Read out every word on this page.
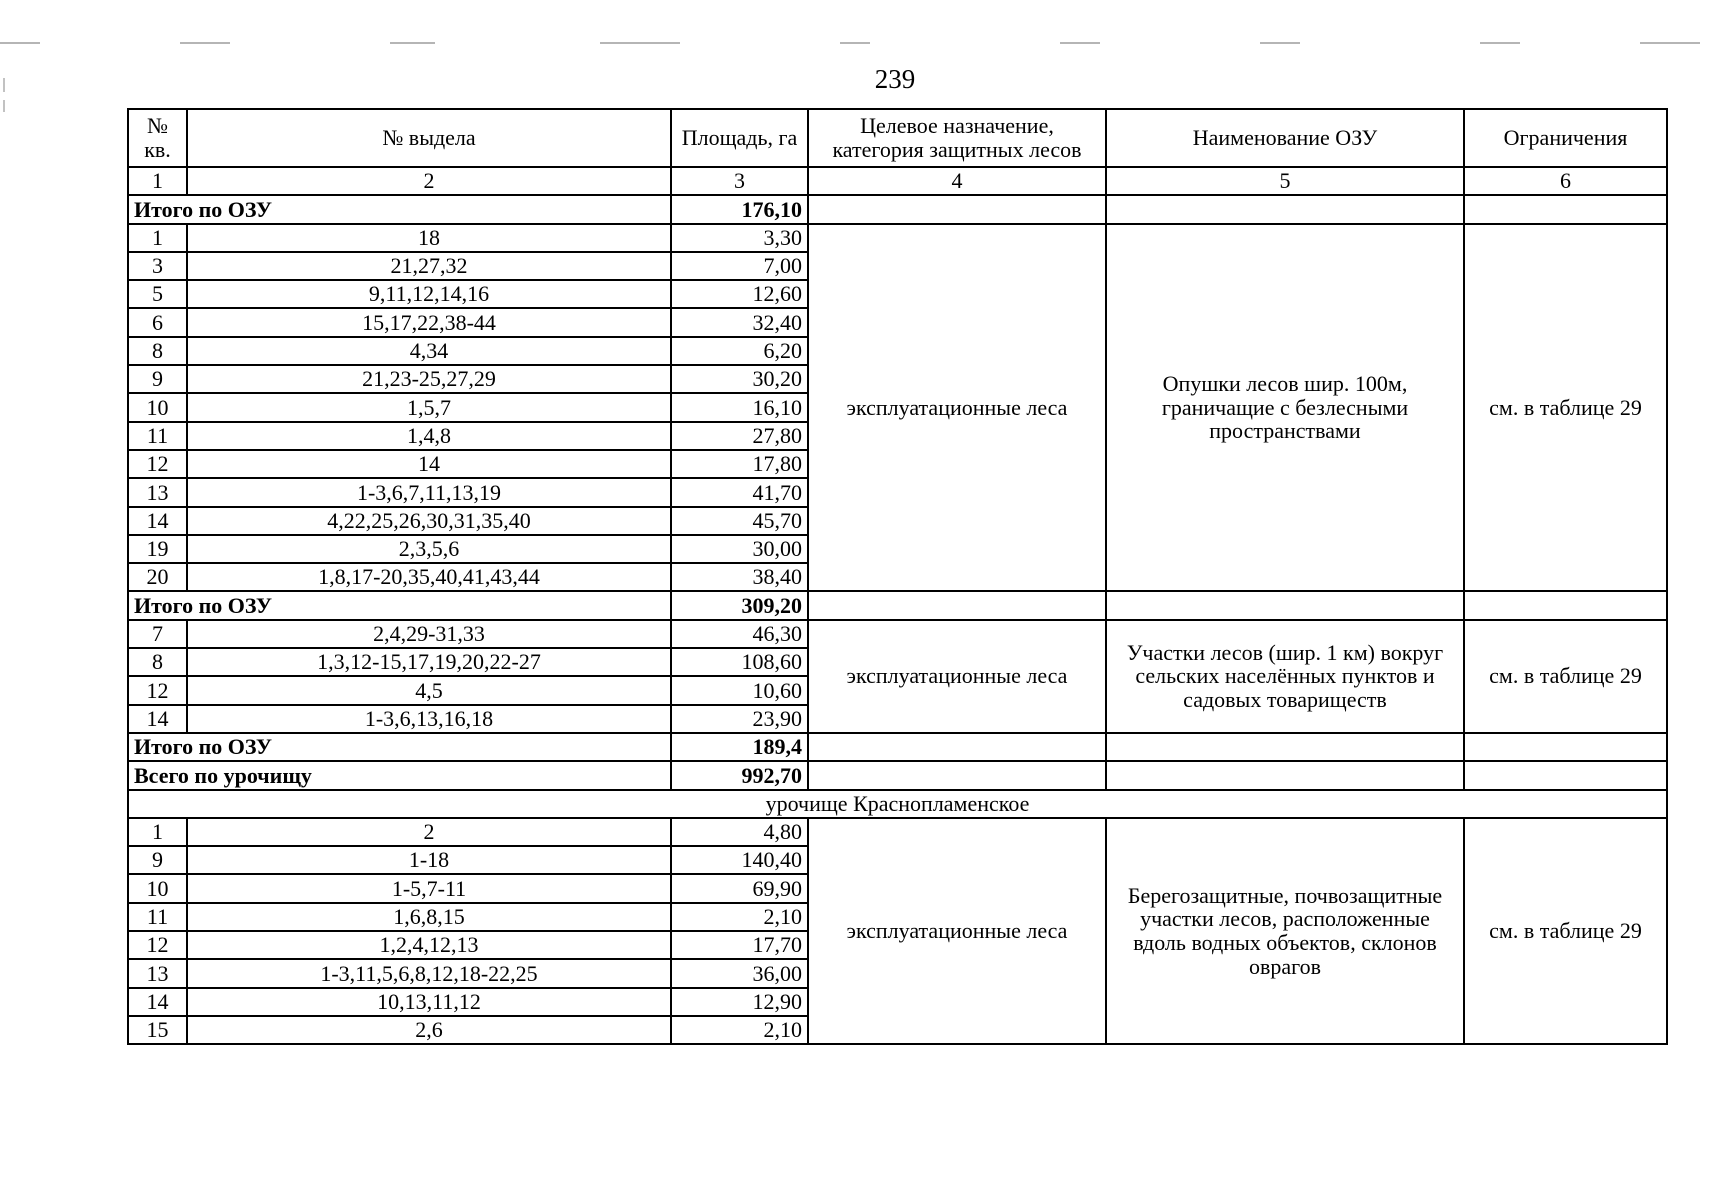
239
№ кв.	№ выдела	Площадь, га	Целевое назначение, категория защитных лесов	Наименование ОЗУ	Ограничения
1	2	3	4	5	6
Итого по ОЗУ		176,10			
1	18	3,30	эксплуатационные леса	Опушки лесов шир. 100м, граничащие с безлесными пространствами	см. в таблице 29
3	21,27,32	7,00			
5	9,11,12,14,16	12,60			
6	15,17,22,38-44	32,40			
8	4,34	6,20			
9	21,23-25,27,29	30,20			
10	1,5,7	16,10			
11	1,4,8	27,80			
12	14	17,80			
13	1-3,6,7,11,13,19	41,70			
14	4,22,25,26,30,31,35,40	45,70			
19	2,3,5,6	30,00			
20	1,8,17-20,35,40,41,43,44	38,40			
Итого по ОЗУ		309,20			
7	2,4,29-31,33	46,30	эксплуатационные леса	Участки лесов (шир. 1 км) вокруг сельских населённых пунктов и садовых товариществ	см. в таблице 29
8	1,3,12-15,17,19,20,22-27	108,60			
12	4,5	10,60			
14	1-3,6,13,16,18	23,90			
Итого по ОЗУ		189,4			
Всего по урочищу		992,70			
урочище Краснопламенское					
1	2	4,80	эксплуатационные леса	Берегозащитные, почвозащитные участки лесов, расположенные вдоль водных объектов, склонов оврагов	см. в таблице 29
9	1-18	140,40			
10	1-5,7-11	69,90			
11	1,6,8,15	2,10			
12	1,2,4,12,13	17,70			
13	1-3,11,5,6,8,12,18-22,25	36,00			
14	10,13,11,12	12,90			
15	2,6	2,10			
